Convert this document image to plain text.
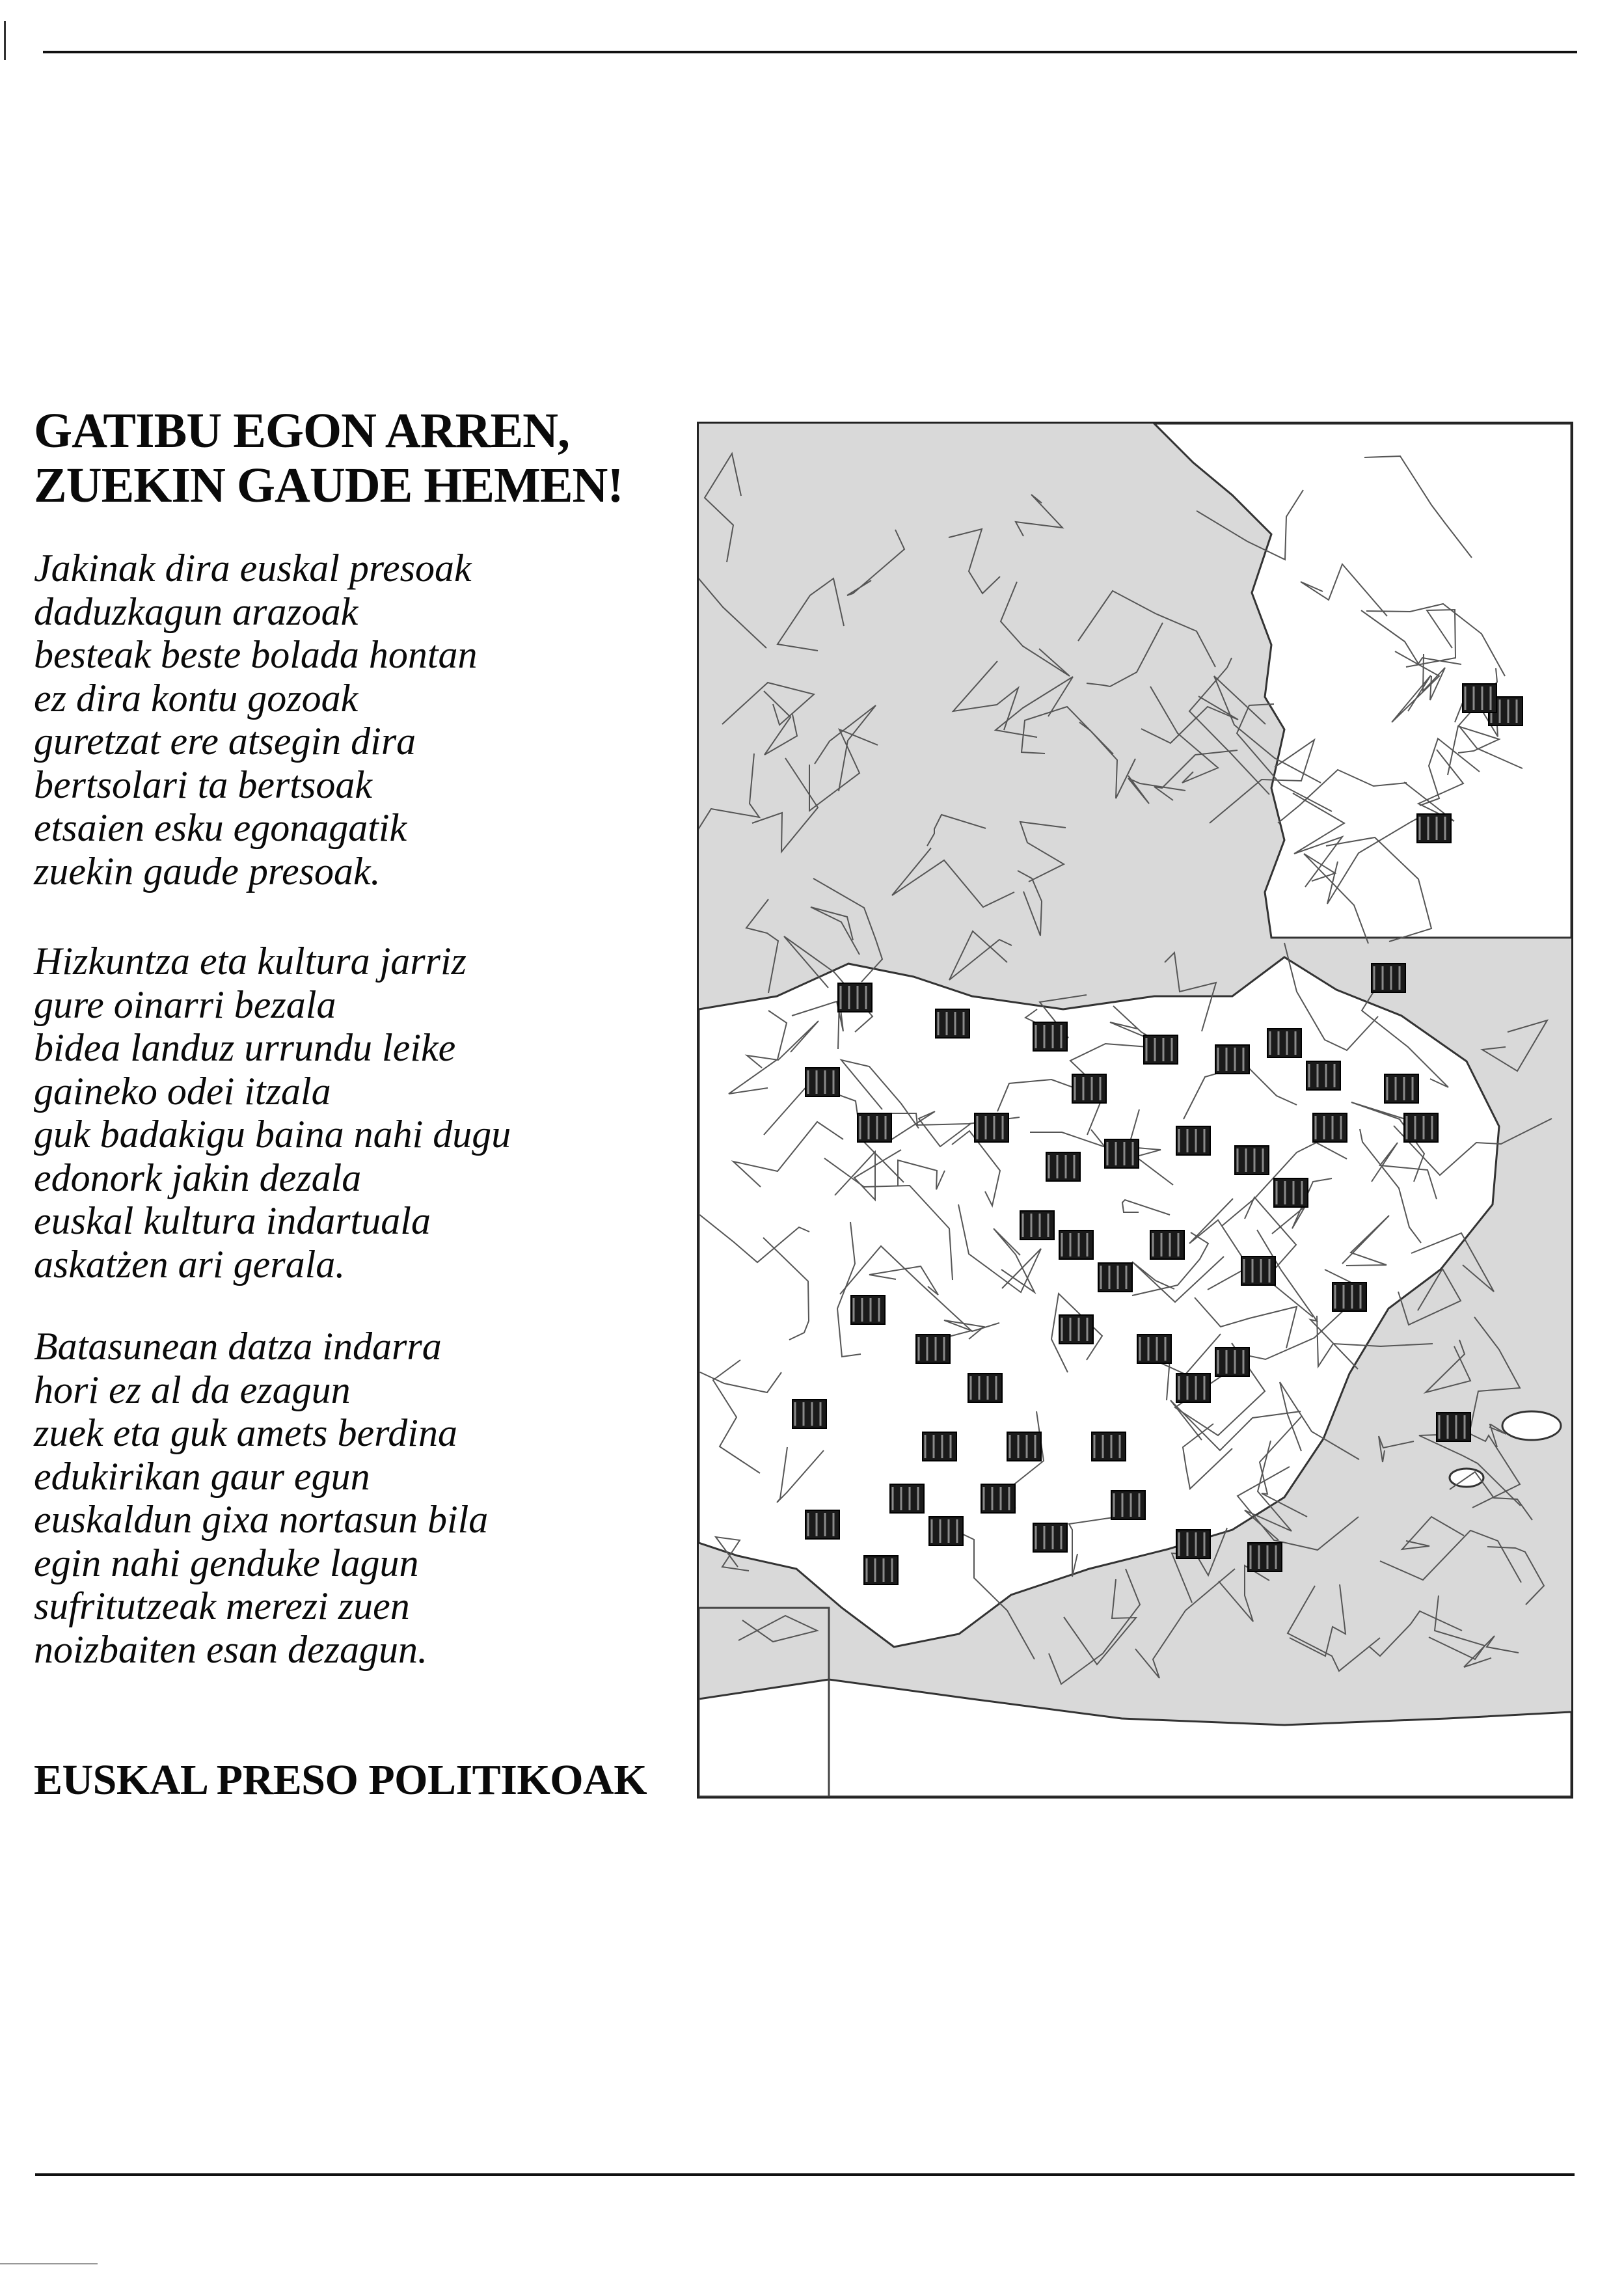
GATIBU EGON ARREN,
ZUEKIN GAUDE HEMEN!
Jakinak dira euskal presoak
daduzkagun arazoak
besteak beste bolada hontan
ez dira kontu gozoak
guretzat ere atsegin dira
bertsolari ta bertsoak
etsaien esku egonagatik
zuekin gaude presoak.
Hizkuntza eta kultura jarriz
gure oinarri bezala
bidea landuz urrundu leike
gaineko odei itzala
guk badakigu baina nahi dugu
edonork jakin dezala
euskal kultura indartuala
askatżen ari gerala.
Batasunean datza indarra
hori ez al da ezagun
zuek eta guk amets berdina
edukirikan gaur egun
euskaldun gixa nortasun bila
egin nahi genduke lagun
sufritutzeak merezi zuen
noizbaiten esan dezagun.

EUSKAL PRESO POLITIKOAK
